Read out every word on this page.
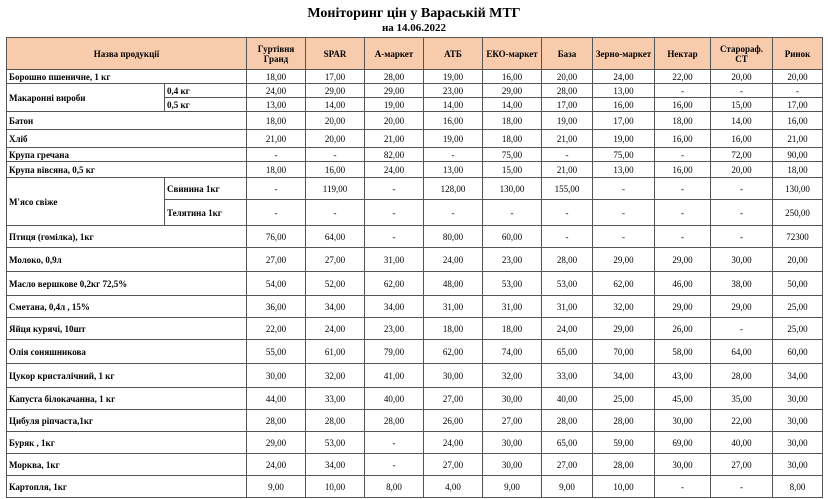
Моніторинг цін у Вараській МТГ
на 14.06.2022
Назва продукції		Гуртівня Гранд	SPAR	А-маркет	АТБ	ЕКО-маркет	База	Зерно-маркет	Нектар	Старораф. СТ	Ринок
Борошно пшеничне, 1 кг		18,00	17,00	28,00	19,00	16,00	20,00	24,00	22,00	20,00	20,00
Макаронні вироби	0,4 кг	24,00	29,00	29,00	23,00	29,00	28,00	13,00	-	-	-
	0,5 кг	13,00	14,00	19,00	14,00	14,00	17,00	16,00	16,00	15,00	17,00
Батон		18,00	20,00	20,00	16,00	18,00	19,00	17,00	18,00	14,00	16,00
Хліб		21,00	20,00	21,00	19,00	18,00	21,00	19,00	16,00	16,00	21,00
Крупа гречана		-	-	82,00	-	75,00	-	75,00	-	72,00	90,00
Крупа вівсяна, 0,5 кг		18,00	16,00	24,00	13,00	15,00	21,00	13,00	16,00	20,00	18,00
М'ясо свіже	Свинина 1кг	-	119,00	-	128,00	130,00	155,00	-	-	-	130,00
	Телятина 1кг	-	-	-	-	-	-	-	-	-	250,00
Птиця (гомілка), 1кг		76,00	64,00	-	80,00	60,00	-	-	-	-	72300
Молоко, 0,9л		27,00	27,00	31,00	24,00	23,00	28,00	29,00	29,00	30,00	20,00
Масло вершкове 0,2кг 72,5%		54,00	52,00	62,00	48,00	53,00	53,00	62,00	46,00	38,00	50,00
Сметана, 0,4л , 15%		36,00	34,00	34,00	31,00	31,00	31,00	32,00	29,00	29,00	25,00
Яйця курячі, 10шт		22,00	24,00	23,00	18,00	18,00	24,00	29,00	26,00	-	25,00
Олія соняшникова		55,00	61,00	79,00	62,00	74,00	65,00	70,00	58,00	64,00	60,00
Цукор кристалічний, 1 кг		30,00	32,00	41,00	30,00	32,00	33,00	34,00	43,00	28,00	34,00
Капуста білокачанна, 1 кг		44,00	33,00	40,00	27,00	30,00	40,00	25,00	45,00	35,00	30,00
Цибуля ріпчаста,1кг		28,00	28,00	28,00	26,00	27,00	28,00	28,00	30,00	22,00	30,00
Буряк , 1кг		29,00	53,00	-	24,00	30,00	65,00	59,00	69,00	40,00	30,00
Морква, 1кг		24,00	34,00	-	27,00	30,00	27,00	28,00	30,00	27,00	30,00
Картопля, 1кг		9,00	10,00	8,00	4,00	9,00	9,00	10,00	-	-	8,00
